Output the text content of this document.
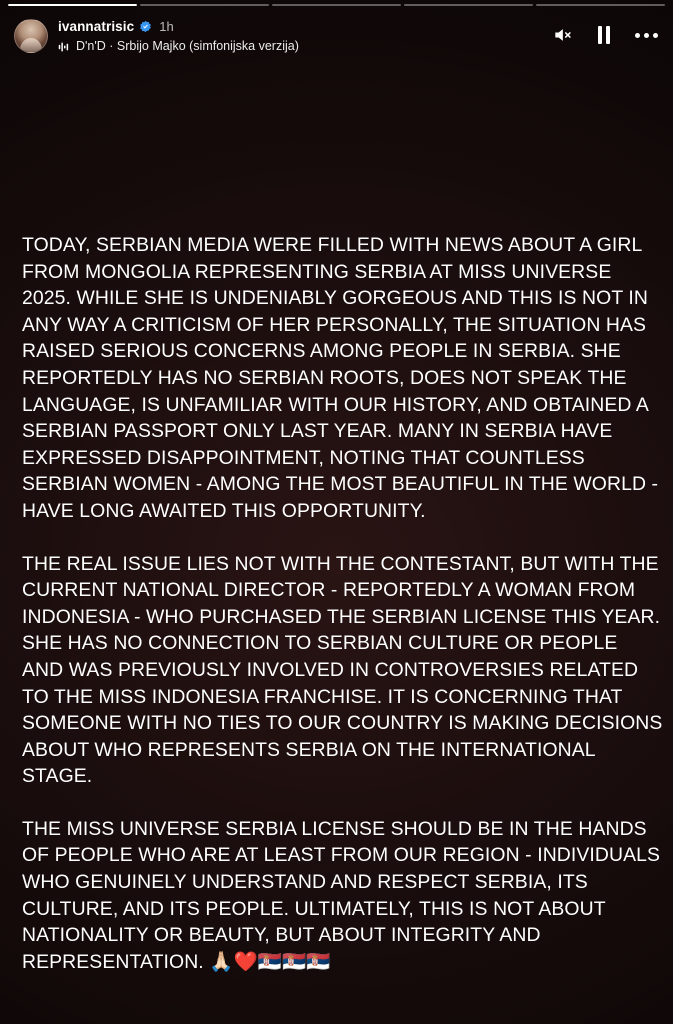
ivannatrisic 1h
D'n'D · Srbijo Majko (simfonijska verzija)

TODAY, SERBIAN MEDIA WERE FILLED WITH NEWS ABOUT A GIRL FROM MONGOLIA REPRESENTING SERBIA AT MISS UNIVERSE 2025. WHILE SHE IS UNDENIABLY GORGEOUS AND THIS IS NOT IN ANY WAY A CRITICISM OF HER PERSONALLY, THE SITUATION HAS RAISED SERIOUS CONCERNS AMONG PEOPLE IN SERBIA. SHE REPORTEDLY HAS NO SERBIAN ROOTS, DOES NOT SPEAK THE LANGUAGE, IS UNFAMILIAR WITH OUR HISTORY, AND OBTAINED A SERBIAN PASSPORT ONLY LAST YEAR. MANY IN SERBIA HAVE EXPRESSED DISAPPOINTMENT, NOTING THAT COUNTLESS SERBIAN WOMEN - AMONG THE MOST BEAUTIFUL IN THE WORLD - HAVE LONG AWAITED THIS OPPORTUNITY.

THE REAL ISSUE LIES NOT WITH THE CONTESTANT, BUT WITH THE CURRENT NATIONAL DIRECTOR - REPORTEDLY A WOMAN FROM INDONESIA - WHO PURCHASED THE SERBIAN LICENSE THIS YEAR. SHE HAS NO CONNECTION TO SERBIAN CULTURE OR PEOPLE AND WAS PREVIOUSLY INVOLVED IN CONTROVERSIES RELATED TO THE MISS INDONESIA FRANCHISE. IT IS CONCERNING THAT SOMEONE WITH NO TIES TO OUR COUNTRY IS MAKING DECISIONS ABOUT WHO REPRESENTS SERBIA ON THE INTERNATIONAL STAGE.

THE MISS UNIVERSE SERBIA LICENSE SHOULD BE IN THE HANDS OF PEOPLE WHO ARE AT LEAST FROM OUR REGION - INDIVIDUALS WHO GENUINELY UNDERSTAND AND RESPECT SERBIA, ITS CULTURE, AND ITS PEOPLE. ULTIMATELY, THIS IS NOT ABOUT NATIONALITY OR BEAUTY, BUT ABOUT INTEGRITY AND REPRESENTATION. 🙏🏻❤️🇷🇸🇷🇸🇷🇸
